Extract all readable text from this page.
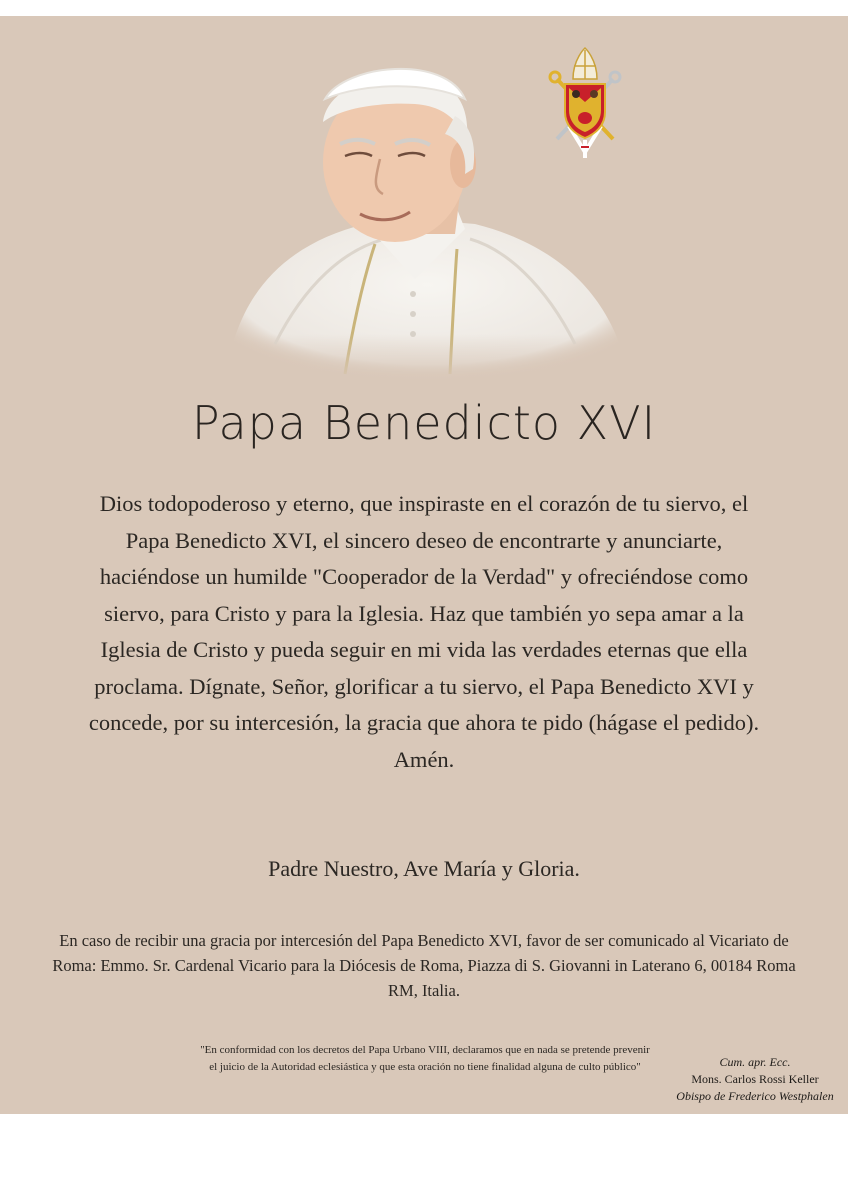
Papa Benedicto XVI

Dios todopoderoso y eterno, que inspiraste en el corazón de tu siervo, el Papa Benedicto XVI, el sincero deseo de encontrarte y anunciarte, haciéndose un humilde "Cooperador de la Verdad" y ofreciéndose como siervo, para Cristo y para la Iglesia. Haz que también yo sepa amar a la Iglesia de Cristo y pueda seguir en mi vida las verdades eternas que ella proclama. Dígnate, Señor, glorificar a tu siervo, el Papa Benedicto XVI y concede, por su intercesión, la gracia que ahora te pido (hágase el pedido).
Amén.

Padre Nuestro, Ave María y Gloria.

En caso de recibir una gracia por intercesión del Papa Benedicto XVI, favor de ser comunicado al Vicariato de Roma: Emmo. Sr. Cardenal Vicario para la Diócesis de Roma, Piazza di S. Giovanni in Laterano 6, 00184 Roma RM, Italia.

"En conformidad con los decretos del Papa Urbano VIII, declaramos que en nada se pretende prevenir el juicio de la Autoridad eclesiástica y que esta oración no tiene finalidad alguna de culto público"	Cum. apr. Ecc.
Mons. Carlos Rossi Keller
Obispo de Frederico Westphalen
